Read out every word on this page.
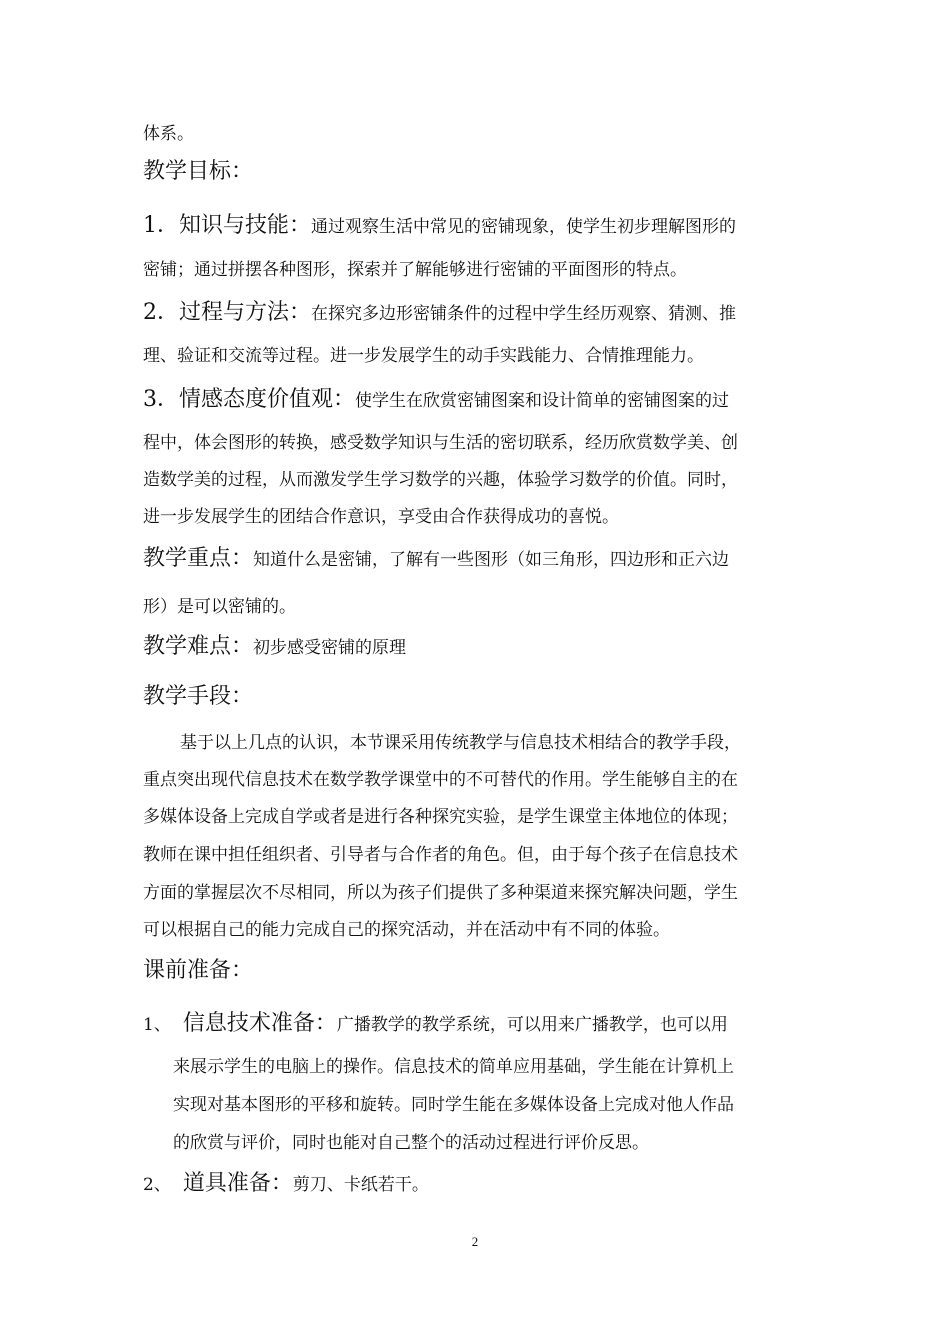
体系。
教学目标：
1．知识与技能：通过观察生活中常见的密铺现象，使学生初步理解图形的
密铺；通过拼摆各种图形，探索并了解能够进行密铺的平面图形的特点。
2．过程与方法：在探究多边形密铺条件的过程中学生经历观察、猜测、推
理、验证和交流等过程。进一步发展学生的动手实践能力、合情推理能力。
3．情感态度价值观：使学生在欣赏密铺图案和设计简单的密铺图案的过
程中，体会图形的转换，感受数学知识与生活的密切联系，经历欣赏数学美、创
造数学美的过程，从而激发学生学习数学的兴趣，体验学习数学的价值。同时，
进一步发展学生的团结合作意识，享受由合作获得成功的喜悦。
教学重点：知道什么是密铺，了解有一些图形（如三角形，四边形和正六边
形）是可以密铺的。
教学难点：初步感受密铺的原理
教学手段：
基于以上几点的认识，本节课采用传统教学与信息技术相结合的教学手段，
重点突出现代信息技术在数学教学课堂中的不可替代的作用。学生能够自主的在
多媒体设备上完成自学或者是进行各种探究实验，是学生课堂主体地位的体现；
教师在课中担任组织者、引导者与合作者的角色。但，由于每个孩子在信息技术
方面的掌握层次不尽相同，所以为孩子们提供了多种渠道来探究解决问题，学生
可以根据自己的能力完成自己的探究活动，并在活动中有不同的体验。
课前准备：
1、 信息技术准备：广播教学的教学系统，可以用来广播教学，也可以用
来展示学生的电脑上的操作。信息技术的简单应用基础，学生能在计算机上
实现对基本图形的平移和旋转。同时学生能在多媒体设备上完成对他人作品
的欣赏与评价，同时也能对自己整个的活动过程进行评价反思。
2、 道具准备：剪刀、卡纸若干。
2
